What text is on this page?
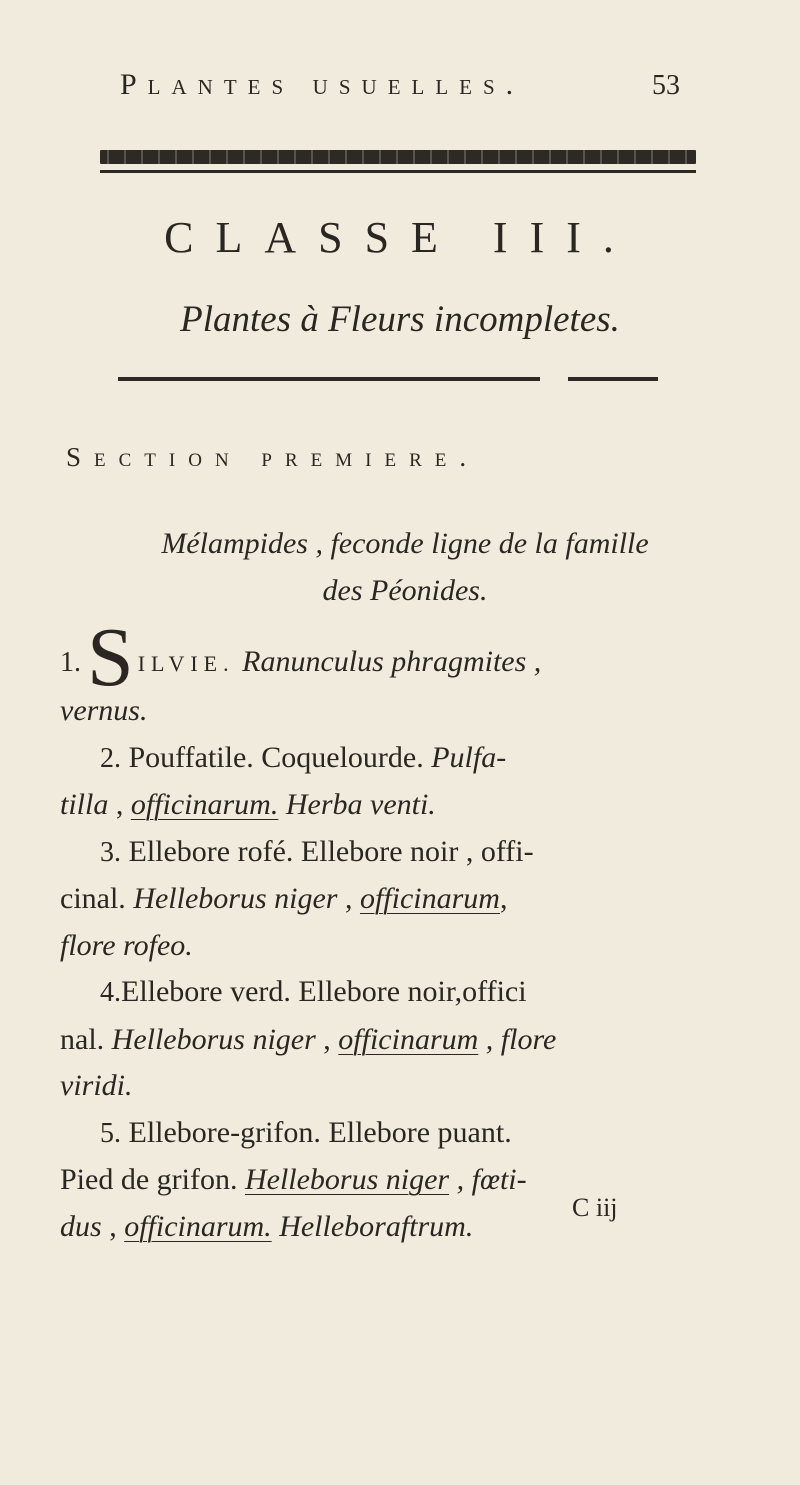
Plantes usuelles.	53
CLASSE III.
Plantes à Fleurs incompletes.
Section premiere.
Mélampides , feconde ligne de la famille
des Péonides.

1.S ILVIE. Ranunculus phragmites ,
vernus.

2. Pouffatile. Coquelourde. Pulfa-
tilla , officinarum. Herba venti.

3. Ellebore rofé. Ellebore noir , offi-
cinal. Helleborus niger , officinarum,
flore rofeo.

4.Ellebore verd. Ellebore noir,offici
nal. Helleborus niger , officinarum , flore
viridi.

5. Ellebore-grifon. Ellebore puant.
Pied de grifon. Helleborus niger , fœti-
dus , officinarum. Helleboraftrum.

C iij
